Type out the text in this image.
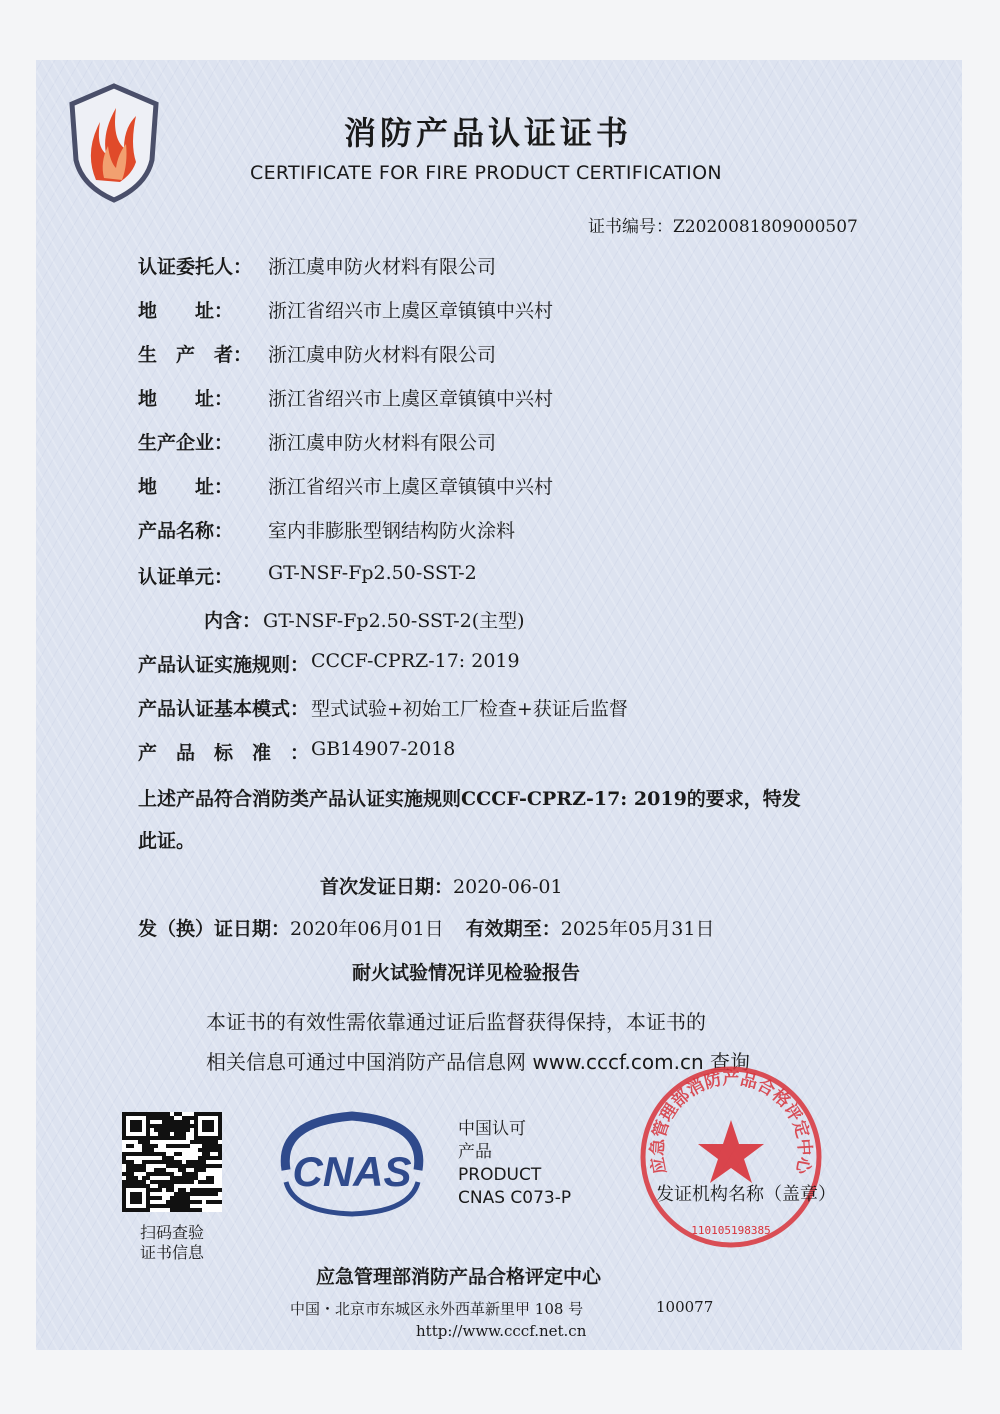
消防产品认证证书
CERTIFICATE FOR FIRE PRODUCT CERTIFICATION
证书编号：Z2020081809000507
认证委托人： 浙江虞申防火材料有限公司
地　　址：	浙江省绍兴市上虞区章镇镇中兴村
生　产　者： 浙江虞申防火材料有限公司
地　　址：	浙江省绍兴市上虞区章镇镇中兴村
生产企业：	浙江虞申防火材料有限公司
地　　址：	浙江省绍兴市上虞区章镇镇中兴村
产品名称：	室内非膨胀型钢结构防火涂料
认证单元：	GT-NSF-Fp2.50-SST-2
内含： GT-NSF-Fp2.50-SST-2(主型)
产品认证实施规则： CCCF-CPRZ-17: 2019
产品认证基本模式： 型式试验+初始工厂检查+获证后监督
产　品　标　准　： GB14907-2018
上述产品符合消防类产品认证实施规则CCCF-CPRZ-17: 2019的要求，特发
此证。
首次发证日期：2020-06-01
发（换）证日期：2020年06月01日 有效期至：2025年05月31日
耐火试验情况详见检验报告
本证书的有效性需依靠通过证后监督获得保持，本证书的
相关信息可通过中国消防产品信息网 www.cccf.com.cn 查询
扫码查验
证书信息
CNAS
中国认可
产品
PRODUCT
CNAS C073-P
应急管理部消防产品合格评定中心
110105198385
发证机构名称（盖章）
应急管理部消防产品合格评定中心
中国・北京市东城区永外西革新里甲 108 号	100077
http://www.cccf.net.cn
